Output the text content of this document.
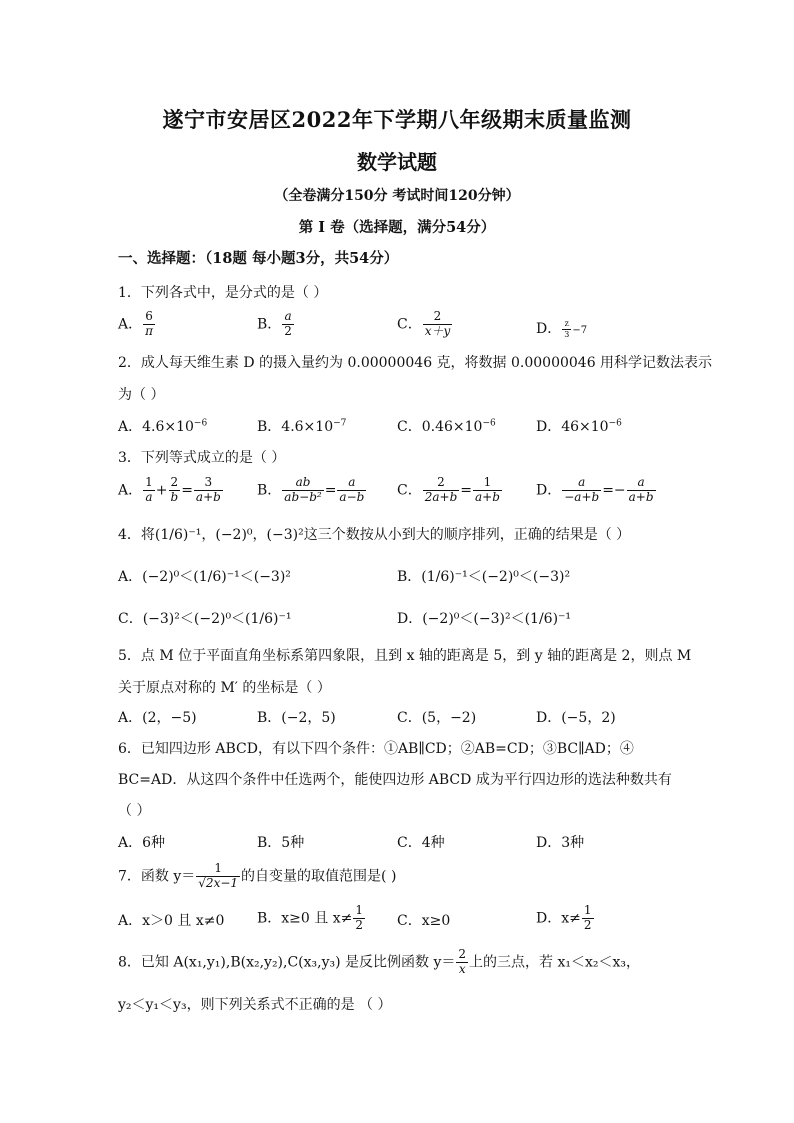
遂宁市安居区2022年下学期八年级期末质量监测
数学试题
（全卷满分150分 考试时间120分钟）
第 Ⅰ 卷（选择题，满分54分）
一、选择题：（18题 每小题3分，共54分）
1．下列各式中，是分式的是（ ）
A． $\frac{6}{\pi}$	B． $\frac{a}{2}$	C． $\frac{2}{x+y}$	D． $\frac{z}{3} -7$
2．成人每天维生素 D 的摄入量约为 0.00000046 克，将数据 0.00000046 用科学记数法表示
为（ ）
A．$4.6\times 10^{-6}$	B．$4.6\times 10^{-7}$	C．$0.46\times 10^{-6}$	D．$46\times 10^{-6}$
3．下列等式成立的是（ ）
A． $\frac{1}{a} + \frac{2}{b} = \frac{3}{a+b}$ B． $\frac{ab}{\text{ab−b²}} = \frac{a}{a-b}$ C． $\frac{2}{2a+b} = \frac{1}{a+b}$ D． $\frac{a}{-a+b} =- \frac{a}{a+b}$
4．将(1/6)⁻¹，(−2)⁰，(−3)²这三个数按从小到大的顺序排列，正确的结果是（ ）
A．(−2)⁰＜(1/6)⁻¹＜(−3)²	B．(1/6)⁻¹＜(−2)⁰＜(−3)²
C．(−3)²＜(−2)⁰＜(1/6)⁻¹	D．(−2)⁰＜(−3)²＜(1/6)⁻¹
5．点 M 位于平面直角坐标系第四象限，且到 x 轴的距离是 5，到 y 轴的距离是 2，则点 M
关于原点对称的 M′ 的坐标是（ ）
A．(2，−5)	B．(−2，5)	C．(5，−2)	D．(−5，2)
6．已知四边形 ABCD，有以下四个条件：①AB∥CD；②AB=CD；③BC∥AD；④
BC=AD．从这四个条件中任选两个，能使四边形 ABCD 成为平行四边形的选法种数共有
（ ）
A．6种	B．5种	C．4种	D．3种
7．函数 $y= \frac{1}{√2x-1}$ 的自变量的取值范围是( )
A．x＞0 且 x≠0 B．x≥0 且 $x\ne \frac{1}{2}$ C．x≥0	D．$x\ne \frac{1}{2}$
8．已知 A(x₁,y₁),B(x₂,y₂),C(x₃,y₃) 是反比例函数 $y= \frac{2}{x}$ 上的三点，若 x₁＜x₂＜x₃，
y₂＜y₁＜y₃，则下列关系式不正确的是 （ ）
